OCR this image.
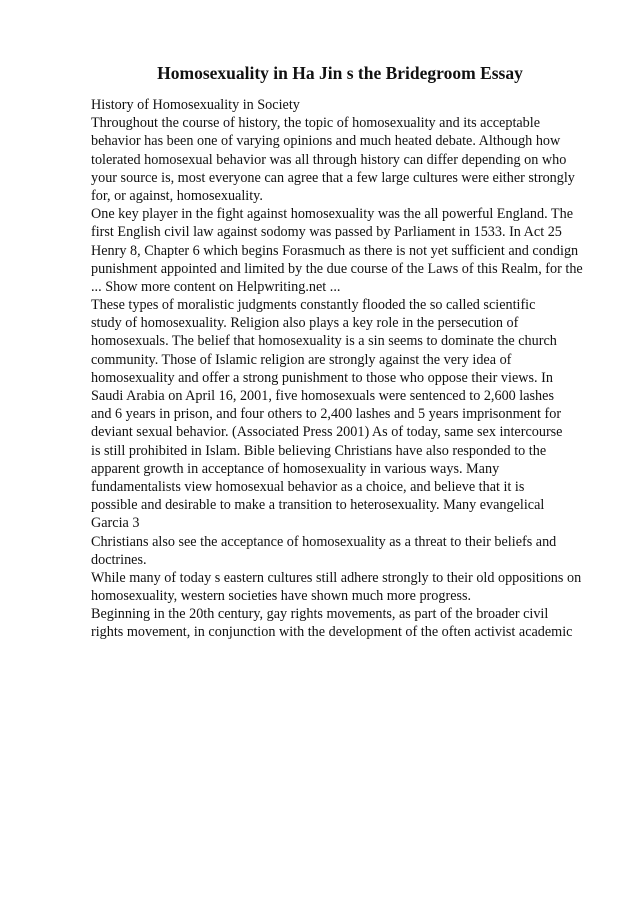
Homosexuality in Ha Jin s the Bridegroom Essay
History of Homosexuality in Society
Throughout the course of history, the topic of homosexuality and its acceptable
behavior has been one of varying opinions and much heated debate. Although how
tolerated homosexual behavior was all through history can differ depending on who
your source is, most everyone can agree that a few large cultures were either strongly
for, or against, homosexuality.
One key player in the fight against homosexuality was the all powerful England. The
first English civil law against sodomy was passed by Parliament in 1533. In Act 25
Henry 8, Chapter 6 which begins Forasmuch as there is not yet sufficient and condign
punishment appointed and limited by the due course of the Laws of this Realm, for the
... Show more content on Helpwriting.net ...
These types of moralistic judgments constantly flooded the so called scientific
study of homosexuality. Religion also plays a key role in the persecution of
homosexuals. The belief that homosexuality is a sin seems to dominate the church
community. Those of Islamic religion are strongly against the very idea of
homosexuality and offer a strong punishment to those who oppose their views. In
Saudi Arabia on April 16, 2001, five homosexuals were sentenced to 2,600 lashes
and 6 years in prison, and four others to 2,400 lashes and 5 years imprisonment for
deviant sexual behavior. (Associated Press 2001) As of today, same sex intercourse
is still prohibited in Islam. Bible believing Christians have also responded to the
apparent growth in acceptance of homosexuality in various ways. Many
fundamentalists view homosexual behavior as a choice, and believe that it is
possible and desirable to make a transition to heterosexuality. Many evangelical
Garcia 3
Christians also see the acceptance of homosexuality as a threat to their beliefs and
doctrines.
While many of today s eastern cultures still adhere strongly to their old oppositions on
homosexuality, western societies have shown much more progress.
Beginning in the 20th century, gay rights movements, as part of the broader civil
rights movement, in conjunction with the development of the often activist academic
